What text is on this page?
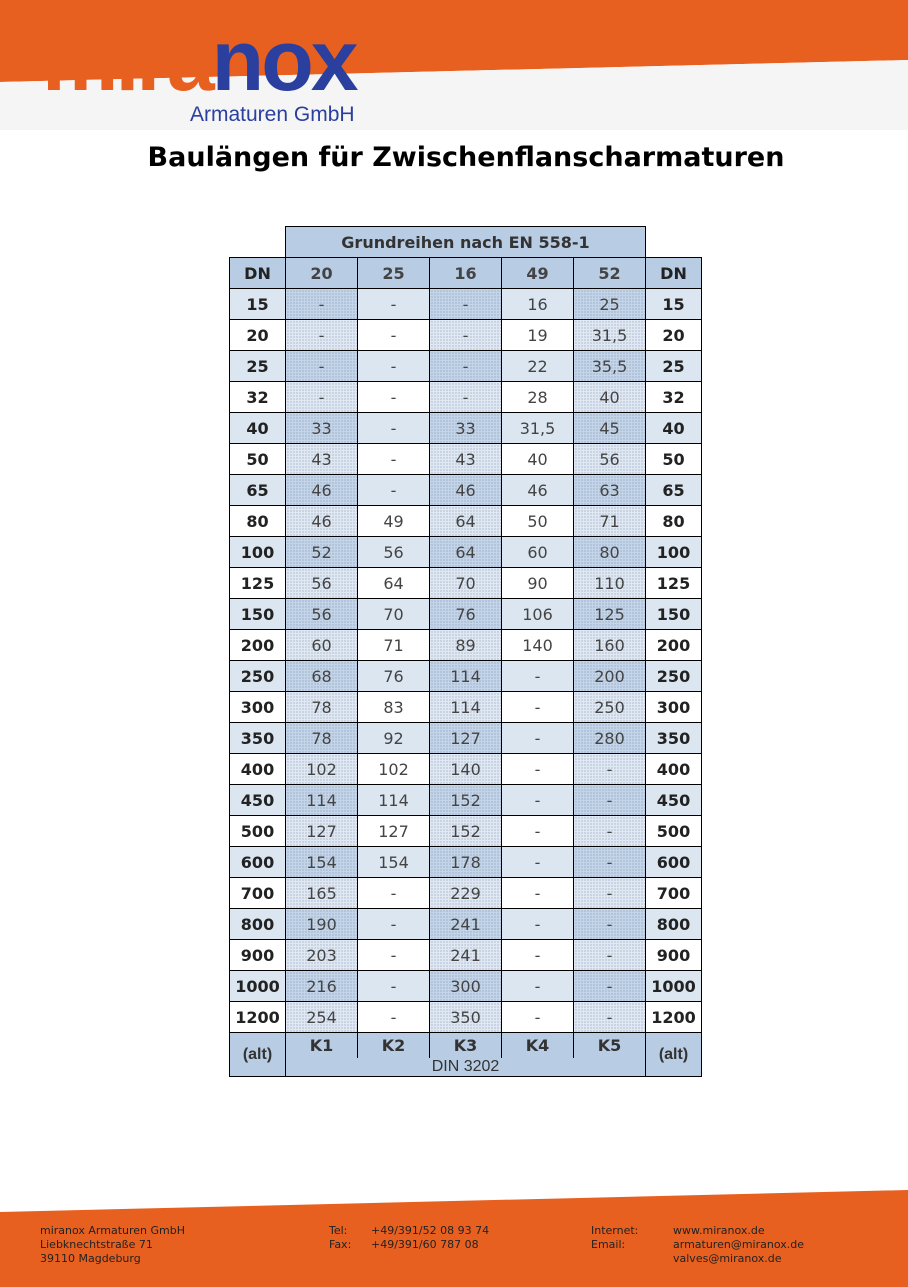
miranox
Armaturen GmbH
Baulängen für Zwischenflanscharmaturen
	Grundreihen nach EN 558-1					
DN	20	25	16	49	52	DN
15	-	-	-	16	25	15
20	-	-	-	19	31,5	20
25	-	-	-	22	35,5	25
32	-	-	-	28	40	32
40	33	-	33	31,5	45	40
50	43	-	43	40	56	50
65	46	-	46	46	63	65
80	46	49	64	50	71	80
100	52	56	64	60	80	100
125	56	64	70	90	110	125
150	56	70	76	106	125	150
200	60	71	89	140	160	200
250	68	76	114	-	200	250
300	78	83	114	-	250	300
350	78	92	127	-	280	350
400	102	102	140	-	-	400
450	114	114	152	-	-	450
500	127	127	152	-	-	500
600	154	154	178	-	-	600
700	165	-	229	-	-	700
800	190	-	241	-	-	800
900	203	-	241	-	-	900
1000	216	-	300	-	-	1000
1200	254	-	350	-	-	1200
(alt)	K1	K2	K3	K4	K5	(alt)
	DIN 3202					
miranox Armaturen GmbH
Liebknechtstraße 71
39110 Magdeburg
Tel: +49/391/52 08 93 74
Fax: +49/391/60 787 08
Internet:	www.miranox.de
Email:	armaturen@miranox.de
valves@miranox.de
